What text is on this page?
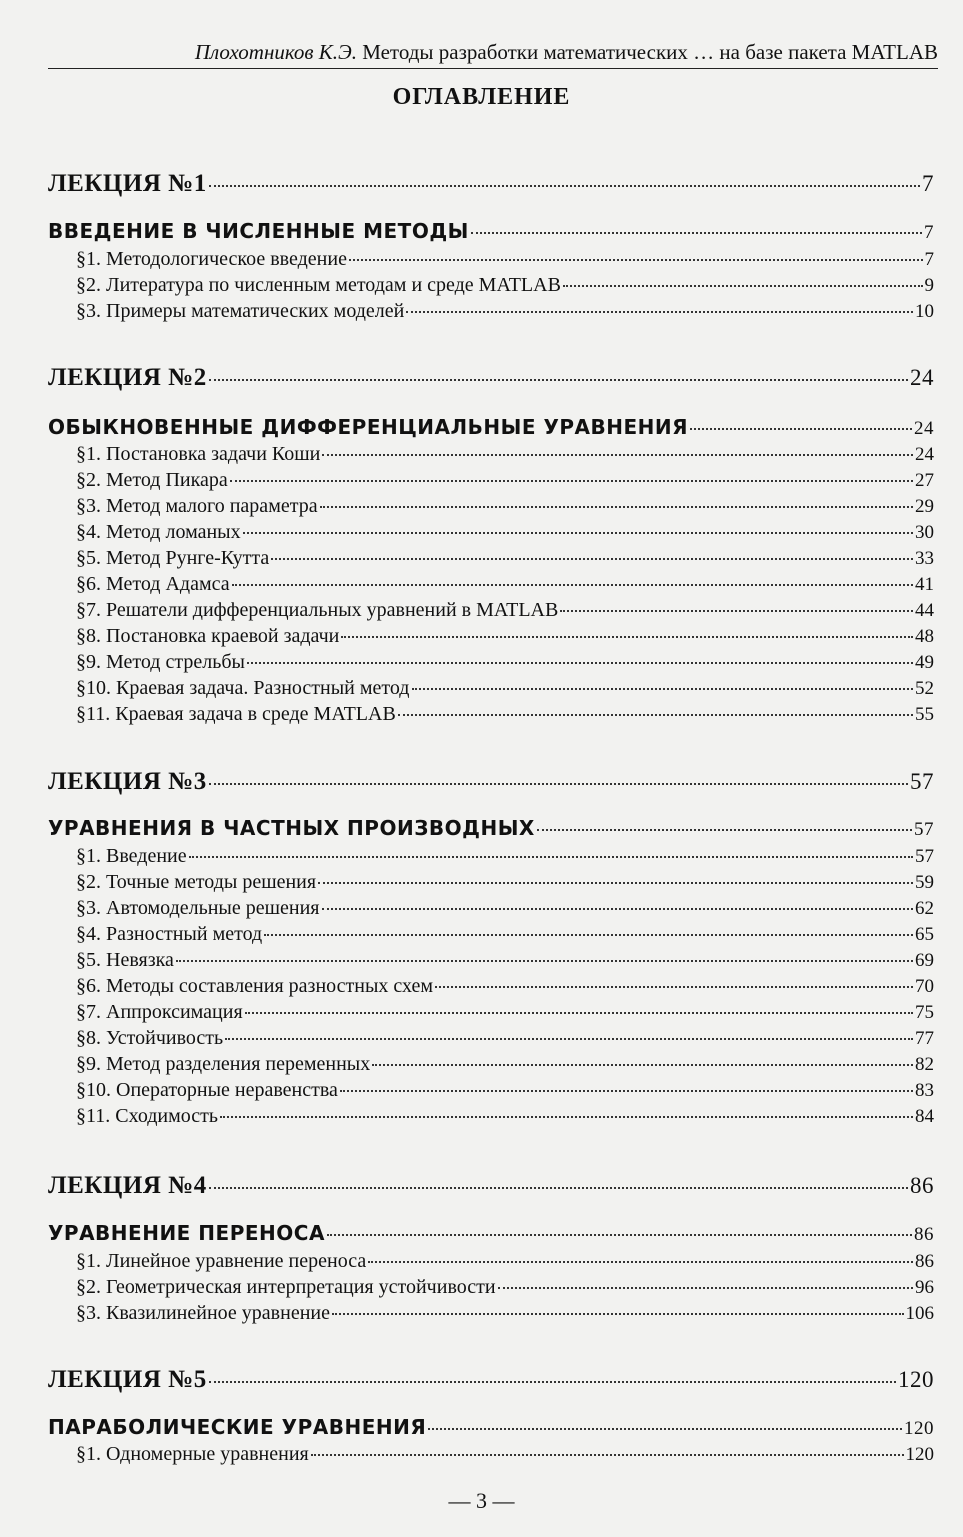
Плохотников К.Э. Методы разработки математических … на базе пакета MATLAB
ОГЛАВЛЕНИЕ
ЛЕКЦИЯ №1	7
ВВЕДЕНИЕ В ЧИСЛЕННЫЕ МЕТОДЫ	7
§1. Методологическое введение	7
§2. Литература по численным методам и среде MATLAB	9
§3. Примеры математических моделей	10
ЛЕКЦИЯ №2	24
ОБЫКНОВЕННЫЕ ДИФФЕРЕНЦИАЛЬНЫЕ УРАВНЕНИЯ	24
§1. Постановка задачи Коши	24
§2. Метод Пикара	27
§3. Метод малого параметра	29
§4. Метод ломаных	30
§5. Метод Рунге-Кутта	33
§6. Метод Адамса	41
§7. Решатели дифференциальных уравнений в MATLAB	44
§8. Постановка краевой задачи	48
§9. Метод стрельбы	49
§10. Краевая задача. Разностный метод	52
§11. Краевая задача в среде MATLAB	55
ЛЕКЦИЯ №3	57
УРАВНЕНИЯ В ЧАСТНЫХ ПРОИЗВОДНЫХ	57
§1. Введение	57
§2. Точные методы решения	59
§3. Автомодельные решения	62
§4. Разностный метод	65
§5. Невязка	69
§6. Методы составления разностных схем	70
§7. Аппроксимация	75
§8. Устойчивость	77
§9. Метод разделения переменных	82
§10. Операторные неравенства	83
§11. Сходимость	84
ЛЕКЦИЯ №4	86
УРАВНЕНИЕ ПЕРЕНОСА	86
§1. Линейное уравнение переноса	86
§2. Геометрическая интерпретация устойчивости	96
§3. Квазилинейное уравнение	106
ЛЕКЦИЯ №5	120
ПАРАБОЛИЧЕСКИЕ УРАВНЕНИЯ	120
§1. Одномерные уравнения	120
— 3 —
